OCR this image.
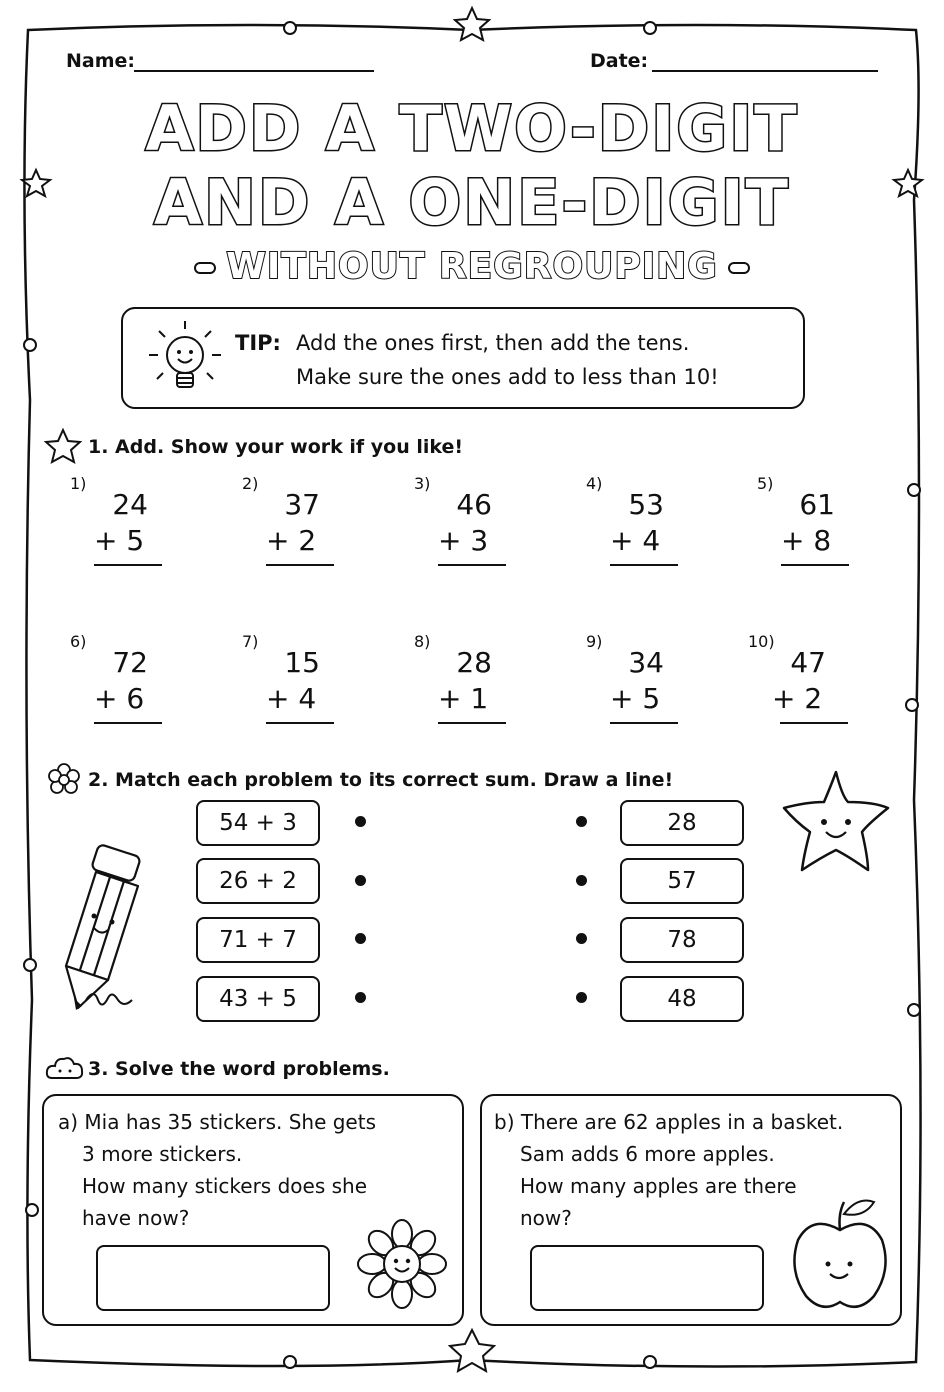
Name:	Date:
ADD A TWO-DIGIT
AND A ONE-DIGIT
WITHOUT REGROUPING
TIP: Add the ones first, then add the tens.
Make sure the ones add to less than 10!
1. Add. Show your work if you like!
1)
24
+ 5
2)
37
+ 2
3)
46
+ 3
4)
53
+ 4
5)
61
+ 8
6)
72
+ 6
7)
15
+ 4
8)
28
+ 1
9)
34
+ 5
10)
47
+ 2
2. Match each problem to its correct sum. Draw a line!
54 + 3
26 + 2
71 + 7
43 + 5
28
57
78
48
3. Solve the word problems.
a) Mia has 35 stickers. She gets
3 more stickers.
How many stickers does she
have now?
b) There are 62 apples in a basket.
Sam adds 6 more apples.
How many apples are there
now?
